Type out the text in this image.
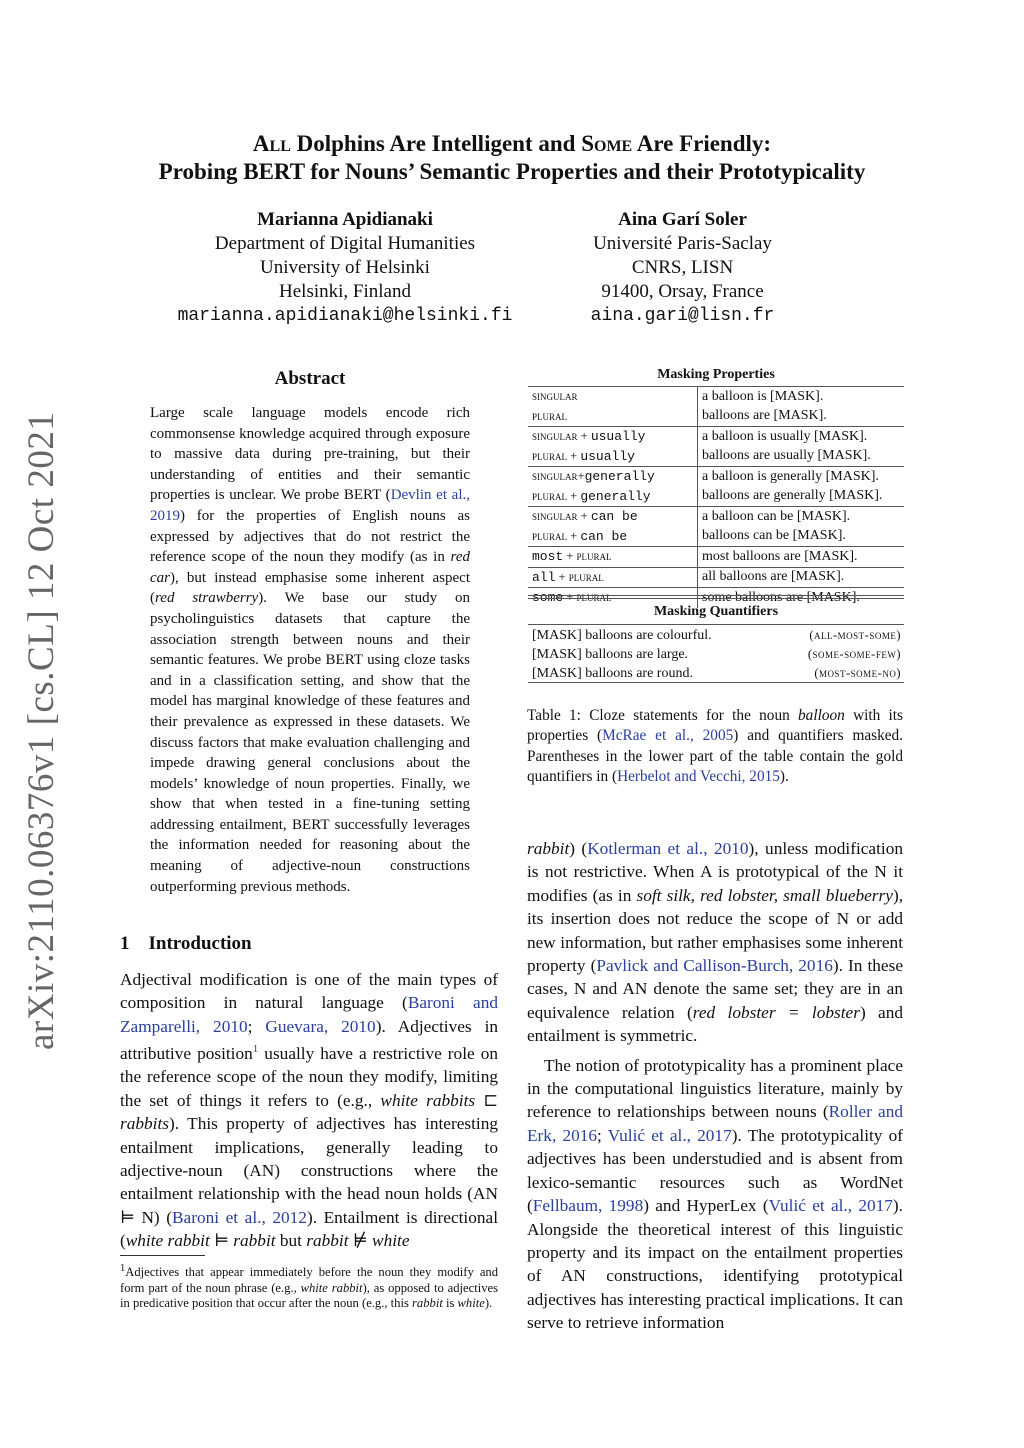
arXiv:2110.06376v1 [cs.CL] 12 Oct 2021
All Dolphins Are Intelligent and Some Are Friendly:
Probing BERT for Nouns’ Semantic Properties and their Prototypicality
Marianna Apidianaki
Department of Digital Humanities
University of Helsinki
Helsinki, Finland
marianna.apidianaki@helsinki.fi
Aina Garí Soler
Université Paris-Saclay
CNRS, LISN
91400, Orsay, France
aina.gari@lisn.fr
Abstract
Large scale language models encode rich commonsense knowledge acquired through exposure to massive data during pre-training, but their understanding of entities and their semantic properties is unclear. We probe BERT (Devlin et al., 2019) for the properties of English nouns as expressed by adjectives that do not restrict the reference scope of the noun they modify (as in red car), but instead emphasise some inherent aspect (red strawberry). We base our study on psycholinguistics datasets that capture the association strength between nouns and their semantic features. We probe BERT using cloze tasks and in a classification setting, and show that the model has marginal knowledge of these features and their prevalence as expressed in these datasets. We discuss factors that make evaluation challenging and impede drawing general conclusions about the models’ knowledge of noun properties. Finally, we show that when tested in a fine-tuning setting addressing entailment, BERT successfully leverages the information needed for reasoning about the meaning of adjective-noun constructions outperforming previous methods.
1 Introduction
Adjectival modification is one of the main types of composition in natural language (Baroni and Zamparelli, 2010; Guevara, 2010). Adjectives in attributive position$^1$ usually have a restrictive role on the reference scope of the noun they modify, limiting the set of things it refers to (e.g., white rabbits ⊏ rabbits). This property of adjectives has interesting entailment implications, generally leading to adjective-noun (AN) constructions where the entailment relationship with the head noun holds (AN ⊨ N) (Baroni et al., 2012). Entailment is directional (white rabbit ⊨ rabbit but rabbit ⊭ white
$^1$Adjectives that appear immediately before the noun they modify and form part of the noun phrase (e.g., white rabbit), as opposed to adjectives in predicative position that occur after the noun (e.g., this rabbit is white).
Masking Properties
singular	a balloon is [MASK].
plural	balloons are [MASK].
singular + usually	a balloon is usually [MASK].
plural + usually	balloons are usually [MASK].
singular+generally	a balloon is generally [MASK].
plural + generally	balloons are generally [MASK].
singular + can be	a balloon can be [MASK].
plural + can be	balloons can be [MASK].
most + plural	most balloons are [MASK].
all + plural	all balloons are [MASK].
some + plural	some balloons are [MASK].
Masking Quantifiers
[MASK] balloons are colourful.	(all-most-some)
[MASK] balloons are large.	(some-some-few)
[MASK] balloons are round.	(most-some-no)
Table 1: Cloze statements for the noun balloon with its properties (McRae et al., 2005) and quantifiers masked. Parentheses in the lower part of the table contain the gold quantifiers in (Herbelot and Vecchi, 2015).
rabbit) (Kotlerman et al., 2010), unless modification is not restrictive. When A is prototypical of the N it modifies (as in soft silk, red lobster, small blueberry), its insertion does not reduce the scope of N or add new information, but rather emphasises some inherent property (Pavlick and Callison-Burch, 2016). In these cases, N and AN denote the same set; they are in an equivalence relation (red lobster = lobster) and entailment is symmetric.
The notion of prototypicality has a prominent place in the computational linguistics literature, mainly by reference to relationships between nouns (Roller and Erk, 2016; Vulić et al., 2017). The prototypicality of adjectives has been understudied and is absent from lexico-semantic resources such as WordNet (Fellbaum, 1998) and HyperLex (Vulić et al., 2017). Alongside the theoretical interest of this linguistic property and its impact on the entailment properties of AN constructions, identifying prototypical adjectives has interesting practical implications. It can serve to retrieve information
